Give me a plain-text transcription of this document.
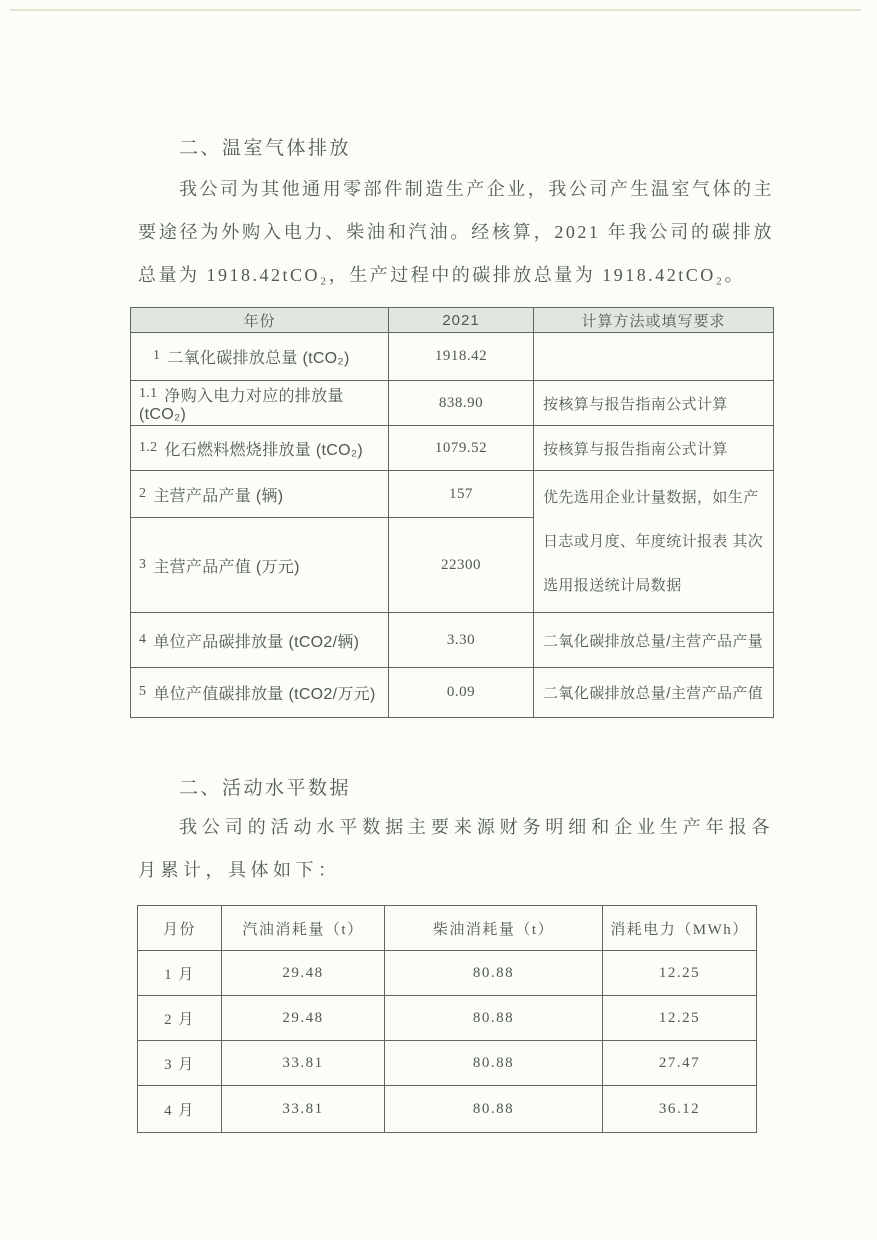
二、温室气体排放
我公司为其他通用零部件制造生产企业，我公司产生温室气体的主要途径为外购入电力、柴油和汽油。经核算，2021 年我公司的碳排放总量为 1918.42tCO₂，生产过程中的碳排放总量为 1918.42tCO₂。
年份	2021	计算方法或填写要求
1 二氧化碳排放总量 (tCO₂)	1918.42	
1.1 净购入电力对应的排放量(tCO₂)	838.90	按核算与报告指南公式计算
1.2 化石燃料燃烧排放量 (tCO₂)	1079.52	按核算与报告指南公式计算
2 主营产品产量 (辆)	157	优先选用企业计量数据，如生产日志或月度、年度统计报表 其次选用报送统计局数据
3 主营产品产值 (万元)	22300	
4 单位产品碳排放量 (tCO2/辆)	3.30	二氧化碳排放总量/主营产品产量
5 单位产值碳排放量 (tCO2/万元)	0.09	二氧化碳排放总量/主营产品产值
二、活动水平数据
我公司的活动水平数据主要来源财务明细和企业生产年报各月累计，具体如下：
月份	汽油消耗量（t）	柴油消耗量（t）	消耗电力（MWh）
1 月	29.48	80.88	12.25
2 月	29.48	80.88	12.25
3 月	33.81	80.88	27.47
4 月	33.81	80.88	36.12
